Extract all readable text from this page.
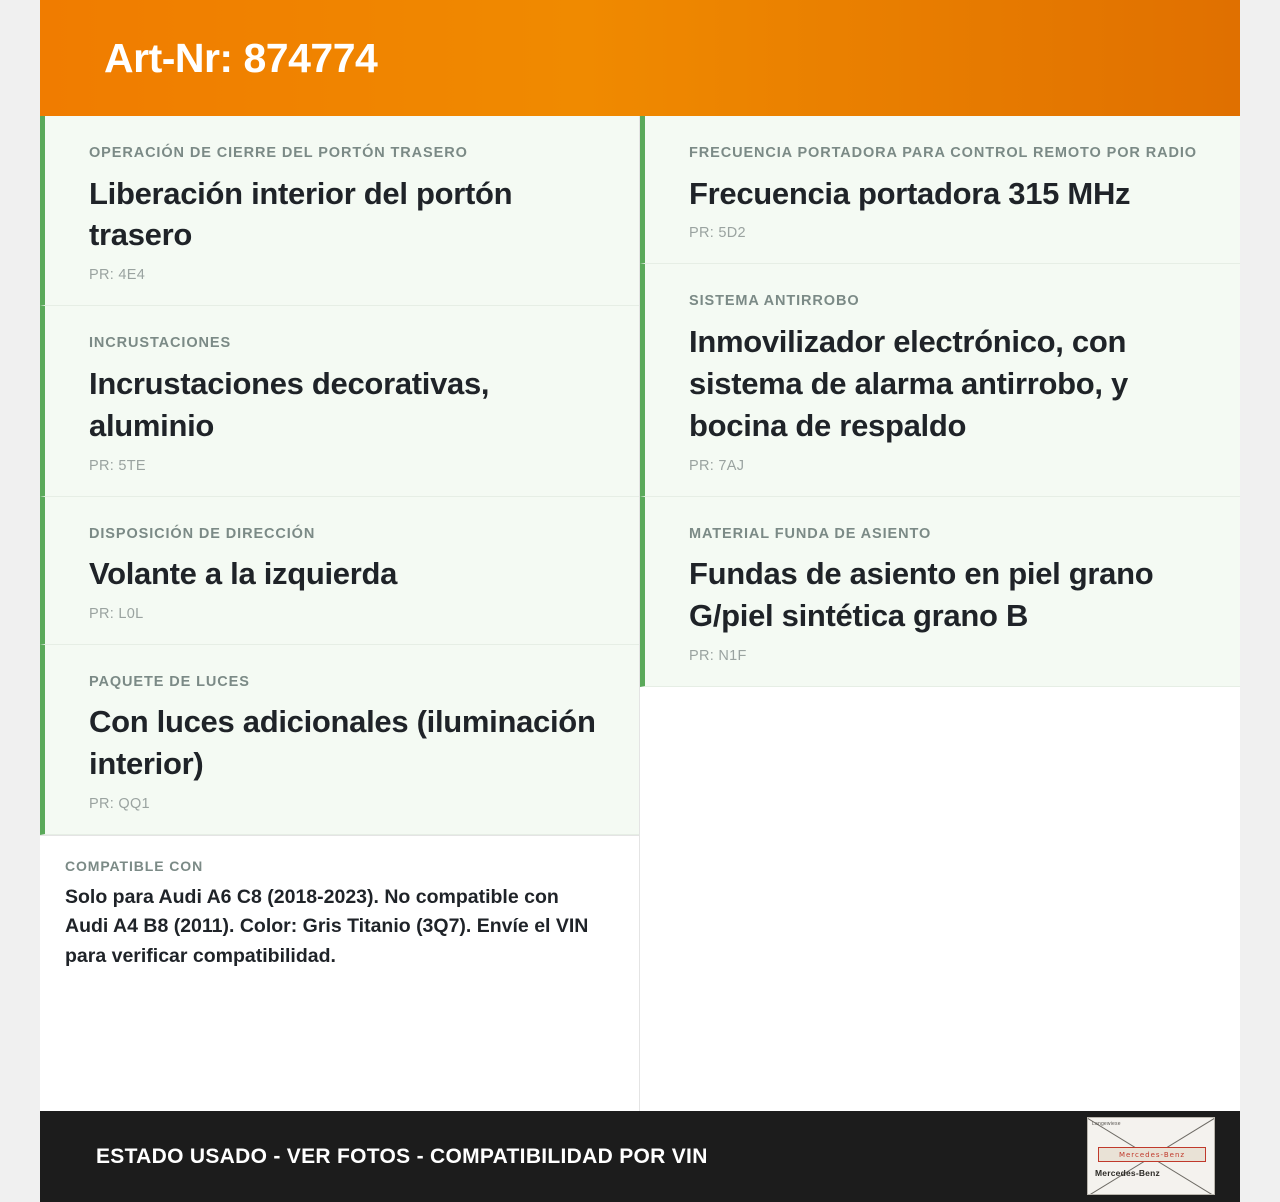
Art-Nr: 874774
OPERACIÓN DE CIERRE DEL PORTÓN TRASERO
Liberación interior del portón trasero
PR: 4E4
INCRUSTACIONES
Incrustaciones decorativas, aluminio
PR: 5TE
DISPOSICIÓN DE DIRECCIÓN
Volante a la izquierda
PR: L0L
PAQUETE DE LUCES
Con luces adicionales (iluminación interior)
PR: QQ1
COMPATIBLE CON
Solo para Audi A6 C8 (2018-2023). No compatible con Audi A4 B8 (2011). Color: Gris Titanio (3Q7). Envíe el VIN para verificar compatibilidad.
FRECUENCIA PORTADORA PARA CONTROL REMOTO POR RADIO
Frecuencia portadora 315 MHz
PR: 5D2
SISTEMA ANTIRROBO
Inmovilizador electrónico, con sistema de alarma antirrobo, y bocina de respaldo
PR: 7AJ
MATERIAL FUNDA DE ASIENTO
Fundas de asiento en piel grano G/piel sintética grano B
PR: N1F
ESTADO USADO - VER FOTOS - COMPATIBILIDAD POR VIN
Langewiese
Mercedes-Benz
Mercedes-Benz
